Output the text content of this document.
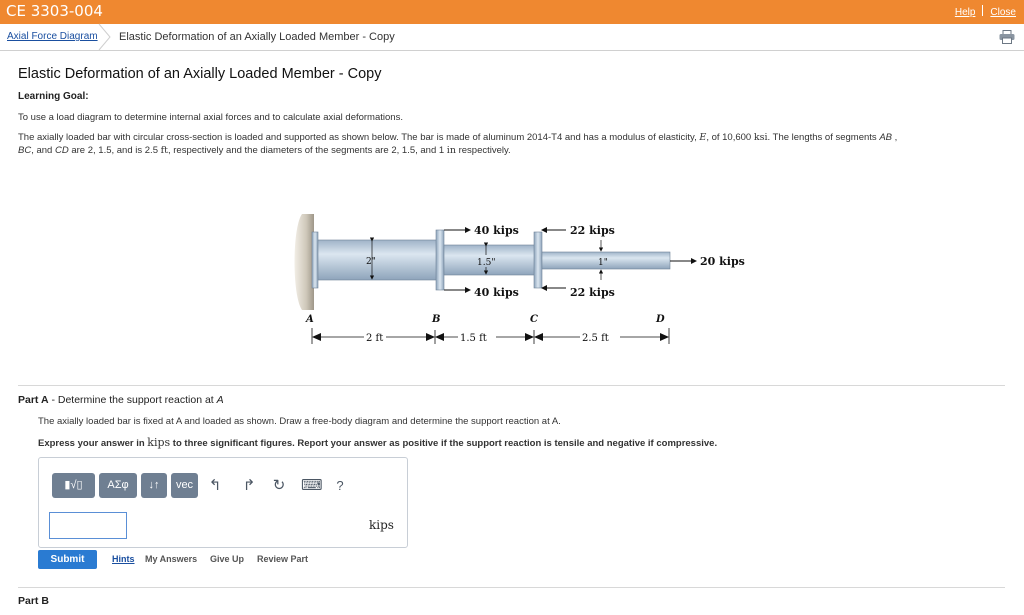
CE 3303-004	Help Close
Axial Force Diagram Elastic Deformation of an Axially Loaded Member - Copy
Elastic Deformation of an Axially Loaded Member - Copy
Learning Goal:
To use a load diagram to determine internal axial forces and to calculate axial deformations.
The axially loaded bar with circular cross-section is loaded and supported as shown below. The bar is made of aluminum 2014-T4 and has a modulus of elasticity, E, of 10,600 ksi. The lengths of segments AB ,
BC, and CD are 2, 1.5, and is 2.5 ft, respectively and the diameters of the segments are 2, 1.5, and 1 in respectively.
2"	1.5"	1"
40 kips
40 kips
22 kips
22 kips
20 kips
A	B	C	D
2 ft	1.5 ft	2.5 ft
Part A - Determine the support reaction at A
The axially loaded bar is fixed at A and loaded as shown. Draw a free-body diagram and determine the support reaction at A.
Express your answer in kips to three significant figures. Report your answer as positive if the support reaction is tensile and negative if compressive.
▮√▯	ΑΣφ	↓↑	vec	↰ ↱ ↻ ⌨	?
kips
Submit	Hints My Answers Give Up Review Part
Part B
